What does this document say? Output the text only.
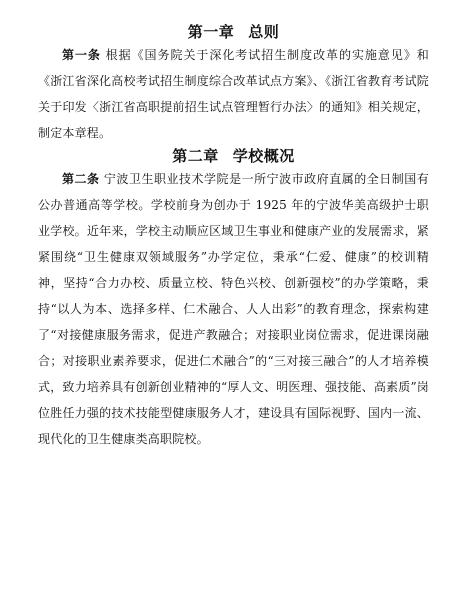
第一章 总则

第一条 根据《国务院关于深化考试招生制度改革的实施意见》和《浙江省深化高校考试招生制度综合改革试点方案》、《浙江省教育考试院关于印发〈浙江省高职提前招生试点管理暂行办法〉的通知》相关规定，制定本章程。

第二章 学校概况

第二条 宁波卫生职业技术学院是一所宁波市政府直属的全日制国有公办普通高等学校。学校前身为创办于 1925 年的宁波华美高级护士职业学校。近年来，学校主动顺应区域卫生事业和健康产业的发展需求，紧紧围绕“卫生健康双领域服务”办学定位，秉承“仁爱、健康”的校训精神，坚持“合力办校、质量立校、特色兴校、创新强校”的办学策略，秉持“以人为本、选择多样、仁术融合、人人出彩”的教育理念，探索构建了“对接健康服务需求，促进产教融合；对接职业岗位需求，促进课岗融合；对接职业素养要求，促进仁术融合”的“三对接三融合”的人才培养模式，致力培养具有创新创业精神的“厚人文、明医理、强技能、高素质”岗位胜任力强的技术技能型健康服务人才，建设具有国际视野、国内一流、现代化的卫生健康类高职院校。
